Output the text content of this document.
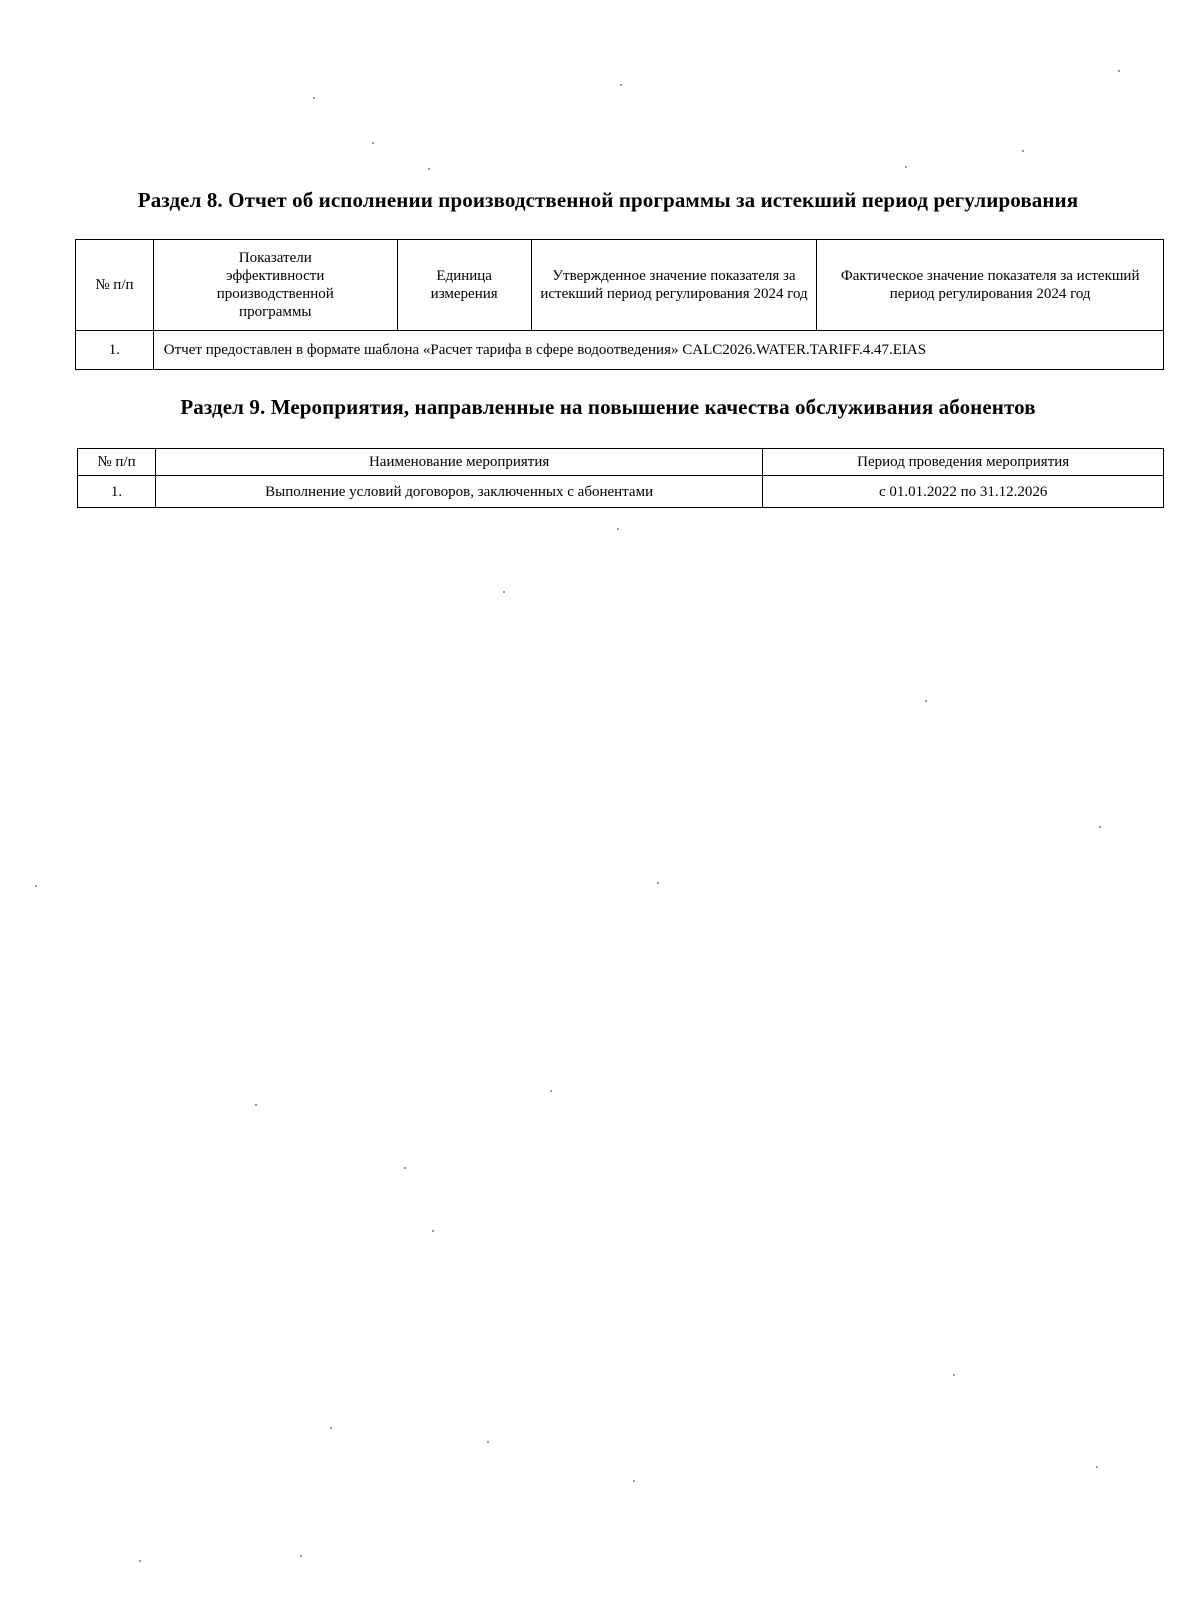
Раздел 8. Отчет об исполнении производственной программы за истекший период регулирования
№ п/п	Показатели эффективности производственной программы	Единица измерения	Утвержденное значение показателя за истекший период регулирования 2024 год	Фактическое значение показателя за истекший период регулирования 2024 год
1.	Отчет предоставлен в формате шаблона «Расчет тарифа в сфере водоотведения» CALC2026.WATER.TARIFF.4.47.EIAS			
Раздел 9. Мероприятия, направленные на повышение качества обслуживания абонентов
№ п/п	Наименование мероприятия	Период проведения мероприятия
1.	Выполнение условий договоров, заключенных с абонентами	с 01.01.2022 по 31.12.2026
